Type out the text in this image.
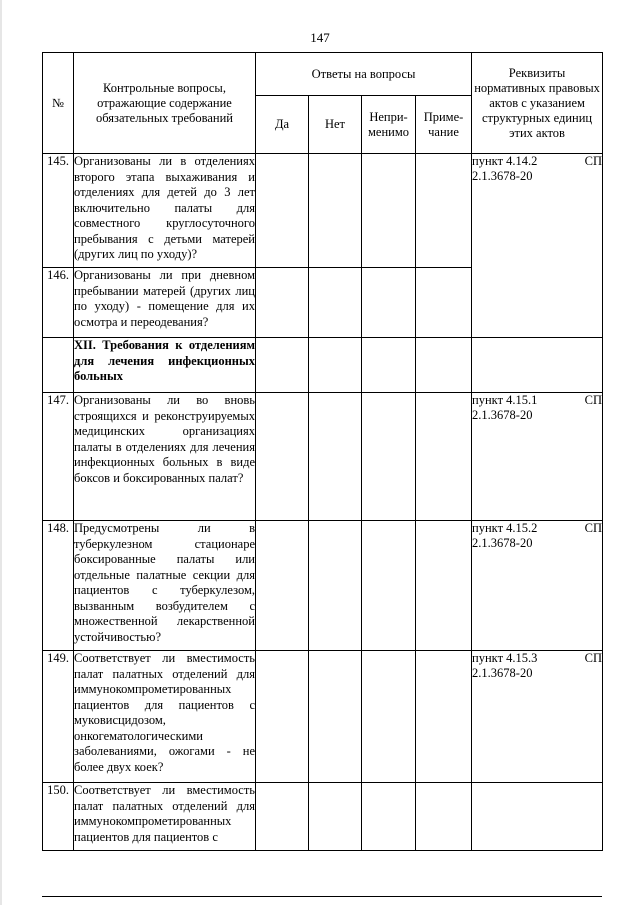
147
№	Контрольные вопросы, отражающие содержание обязательных требований	Ответы на вопросы				Реквизиты нормативных правовых актов с указанием структурных единиц этих актов

		Да	Нет	Непри-менимо	Приме-чание	

145.	Организованы ли в отделениях второго этапа выхаживания и отделениях для детей до 3 лет включительно палаты для совместного круглосуточного пребывания с детьми матерей (других лиц по уходу)?					пункт 4.14.2 СП
2.1.3678-20

146.	Организованы ли при дневном пребывании матерей (других лиц по уходу) - помещение для их осмотра и переодевания?					
	XII. Требования к отделениям для лечения инфекционных больных					
147.	Организованы ли во вновь строящихся и реконструируемых медицинских организациях палаты в отделениях для лечения инфекционных больных в виде боксов и боксированных палат?					пункт 4.15.1 СП
2.1.3678-20

148.	Предусмотрены ли в туберкулезном стационаре боксированные палаты или отдельные палатные секции для пациентов с туберкулезом, вызванным возбудителем с множественной лекарственной устойчивостью?					пункт 4.15.2 СП
2.1.3678-20

149.	Соответствует ли вместимость палат палатных отделений для иммунокомпрометированных пациентов для пациентов с муковисцидозом, онкогематологическими заболеваниями, ожогами - не более двух коек?					пункт 4.15.3 СП
2.1.3678-20

150.	Соответствует ли вместимость палат палатных отделений для иммунокомпрометированных пациентов для пациентов с					
